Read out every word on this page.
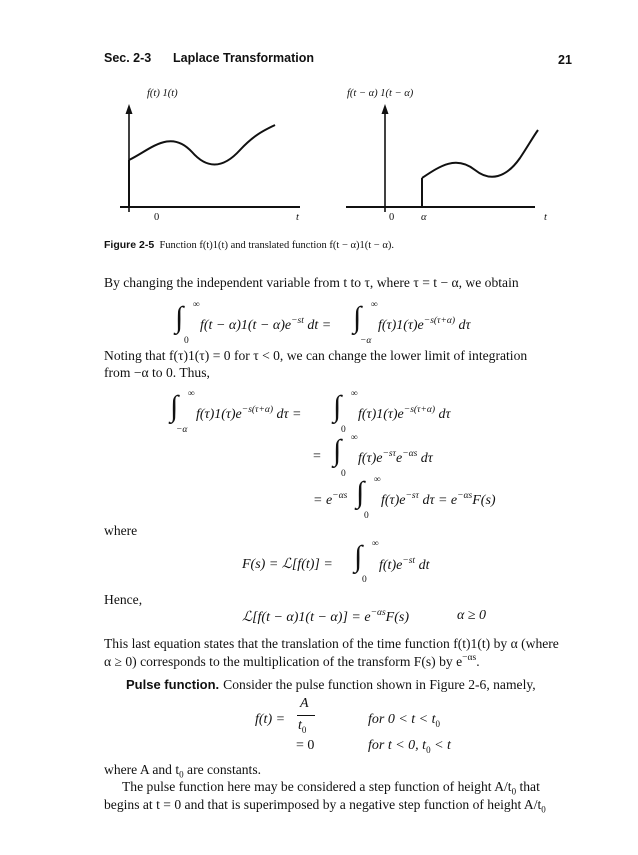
Sec. 2-3 Laplace Transformation	21
f(t) 1(t)	f(t − α) 1(t − α)
0	t	0	α	t
Figure 2-5 Function f(t)1(t) and translated function f(t − α)1(t − α).
By changing the independent variable from t to τ, where τ = t − α, we obtain
∫ ∞
0
$f(t - \alpha)1(t - \alpha)e^{-st}$ dt = ∫ ∞
−α
$f(\tau)1(\tau)e^{-s(\tau+\alpha)}$ dτ
Noting that f(τ)1(τ) = 0 for τ < 0, we can change the lower limit of integration
from −α to 0. Thus,
∫ ∞
−α
$f(\tau)1(\tau)e^{-s(\tau+\alpha)}$ dτ = ∫ ∞
0
$f(\tau)1(\tau)e^{-s(\tau+\alpha)}$ dτ
= ∫ ∞
0
$f(\tau)e^{-s\tau}e^{-\alpha s}$ dτ
= $e^{-\alpha s}$ ∫ ∞
0
$f(\tau)e^{-s\tau}$ $d\tau = e^{-\alpha s}F(s)$
where
F(s) = ℒ[f(t)] = ∫ ∞
0
$f(t)e^{-st}$ dt
Hence,
ℒ[f(t − $\alpha)1(t - \alpha)] = e^{-\alpha s}F(s)$	α ≥ 0
This last equation states that the translation of the time function f(t)1(t) by α (where
α ≥ 0) corresponds to the multiplication of the transform F(s) by $e^{-\alpha s}$.
Pulse function. Consider the pulse function shown in Figure 2-6, namely,
f(t) =
A
$t_0$
for $0 < t < t_0$
= 0	for t < 0, $t_0 < t$
where A and $t_0$ are constants.
The pulse function here may be considered a step function of height $A/t_0$ that
begins at t = 0 and that is superimposed by a negative step function of height $A/t_0$
